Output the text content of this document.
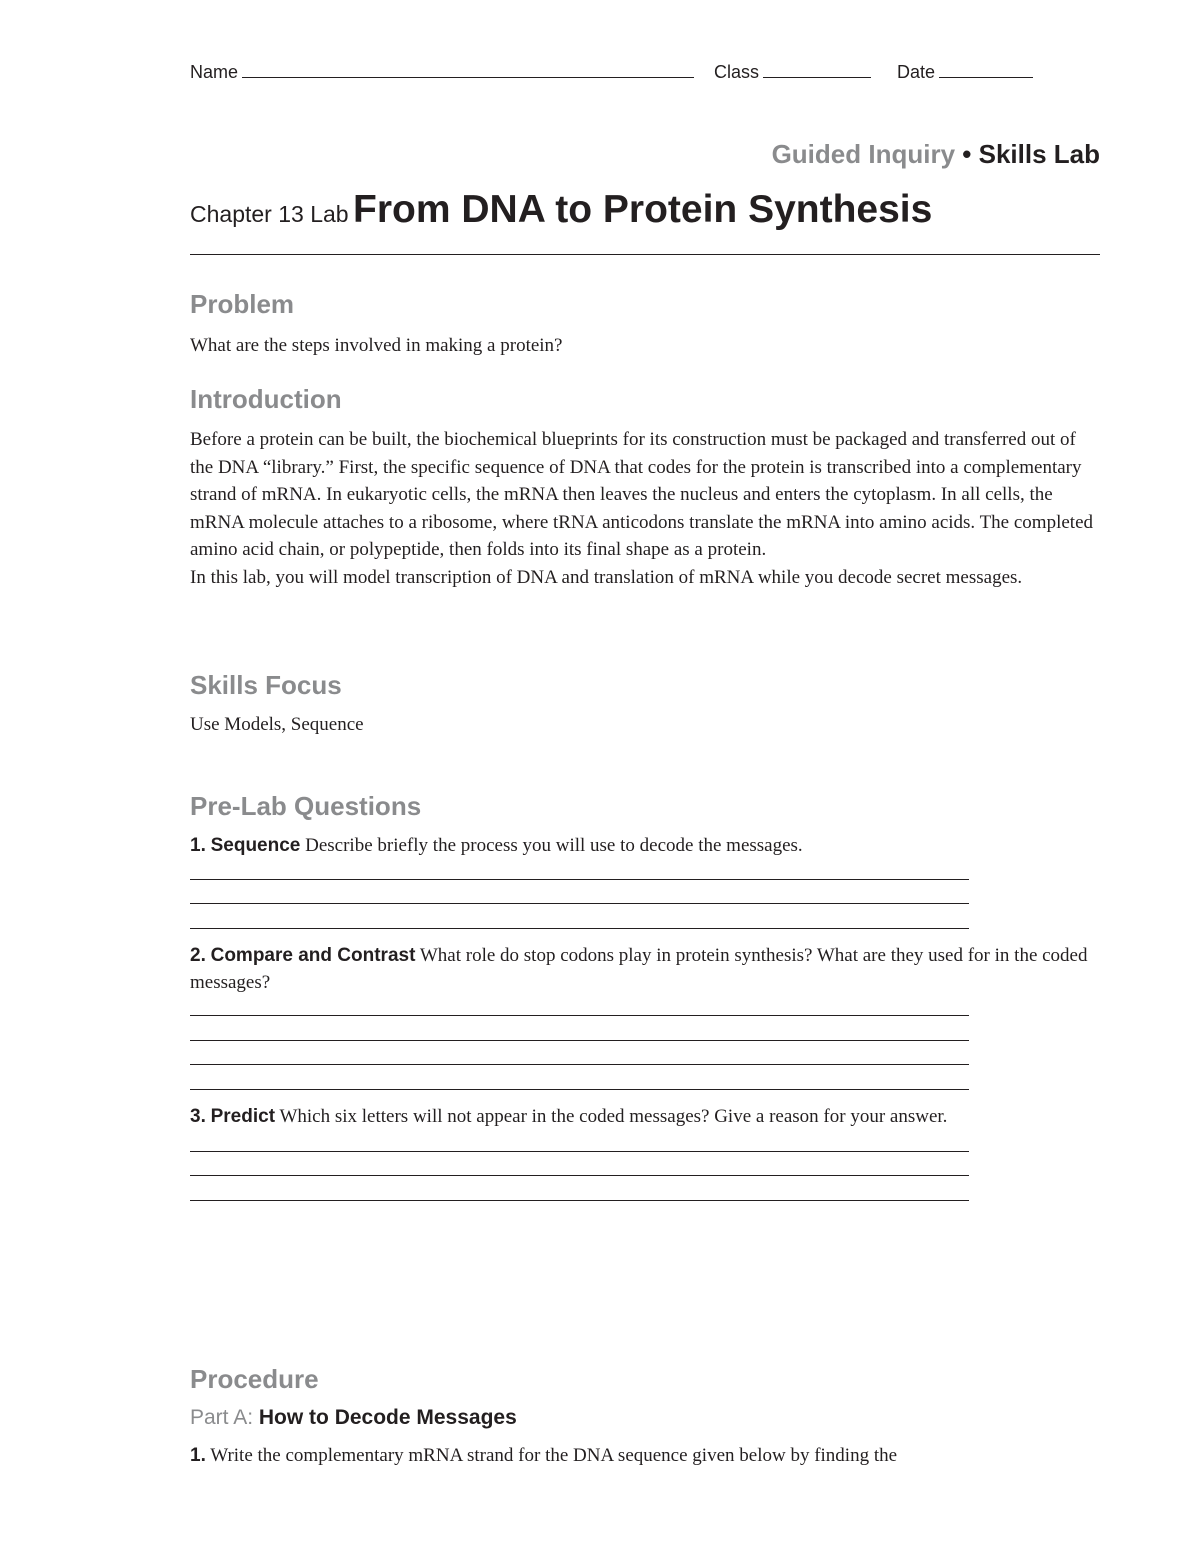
Name	Class	Date
Guided Inquiry • Skills Lab
Chapter 13 Lab From DNA to Protein Synthesis
Problem
What are the steps involved in making a protein?
Introduction
Before a protein can be built, the biochemical blueprints for its construction must be packaged and transferred out of the DNA “library.” First, the specific sequence of DNA that codes for the protein is transcribed into a complementary strand of mRNA. In eukaryotic cells, the mRNA then leaves the nucleus and enters the cytoplasm. In all cells, the mRNA molecule attaches to a ribosome, where tRNA anticodons translate the mRNA into amino acids. The completed amino acid chain, or polypeptide, then folds into its final shape as a protein.
In this lab, you will model transcription of DNA and translation of mRNA while you decode secret messages.
Skills Focus
Use Models, Sequence
Pre-Lab Questions
1. Sequence Describe briefly the process you will use to decode the messages.
2. Compare and Contrast What role do stop codons play in protein synthesis? What are they used for in the coded messages?
3. Predict Which six letters will not appear in the coded messages? Give a reason for your answer.
Procedure
Part A: How to Decode Messages
1. Write the complementary mRNA strand for the DNA sequence given below by finding the
